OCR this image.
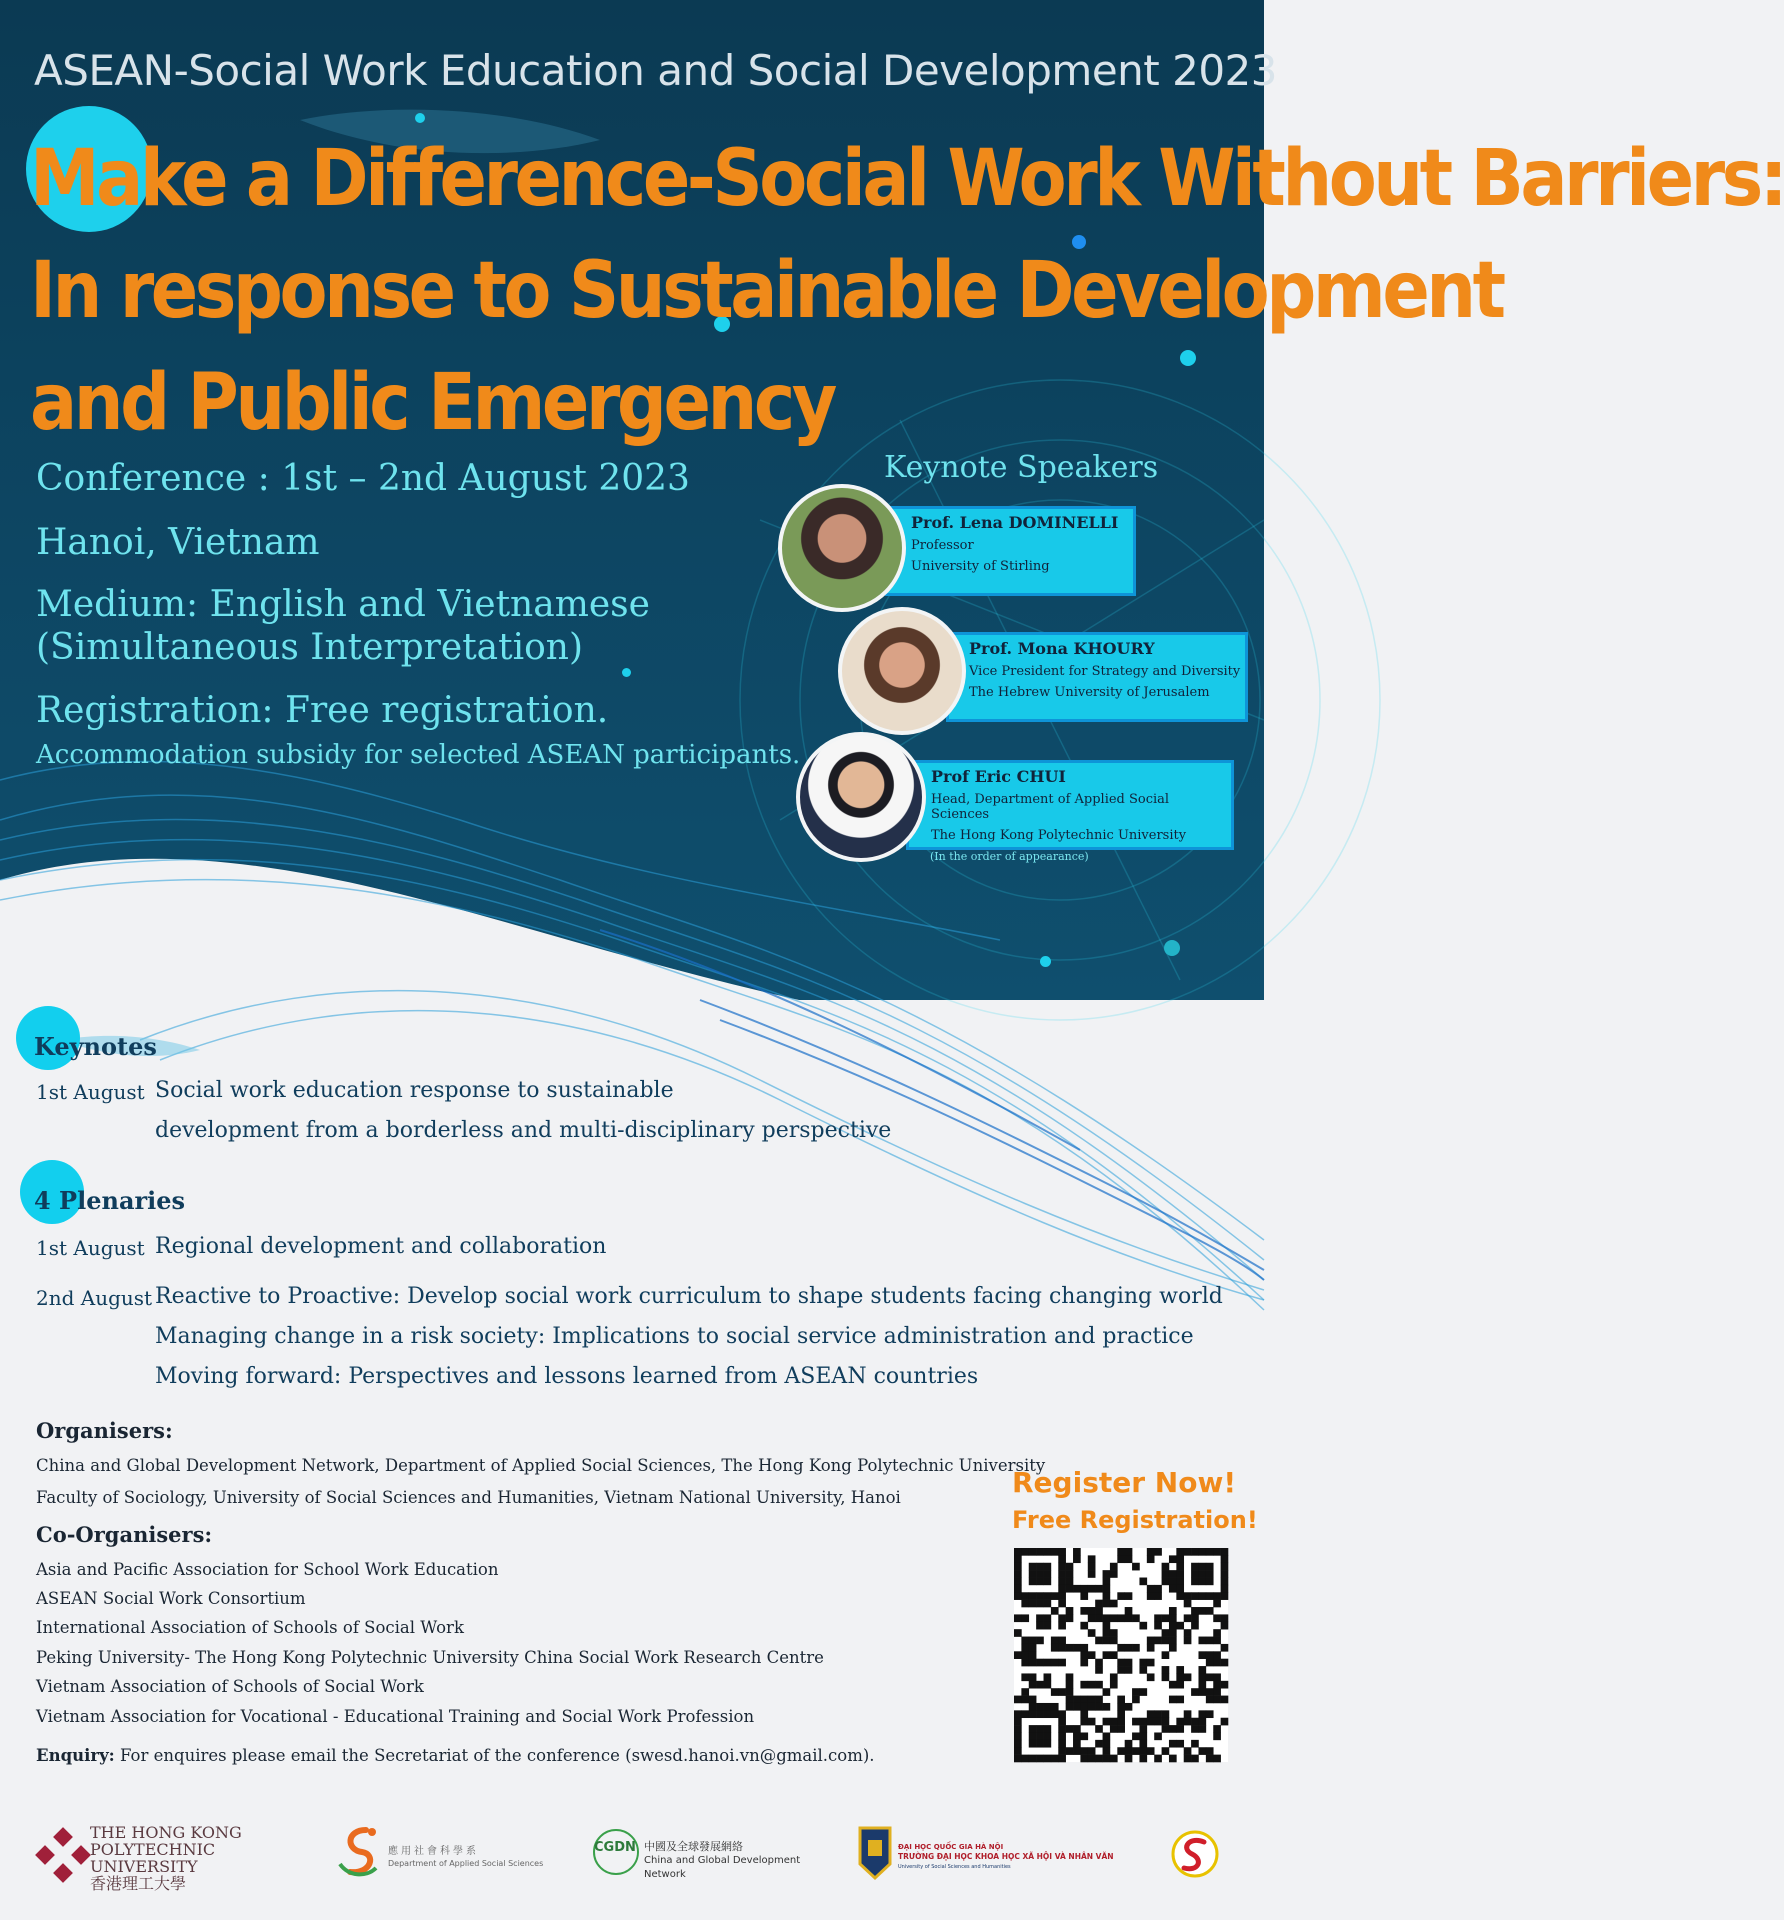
ASEAN-Social Work Education and Social Development 2023
Make a Difference-Social Work Without Barriers:
In response to Sustainable Development
and Public Emergency
Conference : 1st – 2nd August 2023
Hanoi, Vietnam
Medium: English and Vietnamese
(Simultaneous Interpretation)
Registration: Free registration.
Accommodation subsidy for selected ASEAN participants.
Keynote Speakers
Prof. Lena DOMINELLI
Professor
University of Stirling
Prof. Mona KHOURY
Vice President for Strategy and Diversity
The Hebrew University of Jerusalem
Prof Eric CHUI
Head, Department of Applied Social Sciences
The Hong Kong Polytechnic University
(In the order of appearance)
Keynotes
1st August Social work education response to sustainable
development from a borderless and multi-disciplinary perspective
4 Plenaries
1st August Regional development and collaboration
2nd August Reactive to Proactive: Develop social work curriculum to shape students facing changing world
Managing change in a risk society: Implications to social service administration and practice
Moving forward: Perspectives and lessons learned from ASEAN countries
Organisers:
China and Global Development Network, Department of Applied Social Sciences, The Hong Kong Polytechnic University
Faculty of Sociology, University of Social Sciences and Humanities, Vietnam National University, Hanoi
Co-Organisers:
Asia and Pacific Association for School Work Education
ASEAN Social Work Consortium
International Association of Schools of Social Work
Peking University- The Hong Kong Polytechnic University China Social Work Research Centre
Vietnam Association of Schools of Social Work
Vietnam Association for Vocational - Educational Training and Social Work Profession
Enquiry: For enquires please email the Secretariat of the conference (swesd.hanoi.vn@gmail.com).
Register Now!
Free Registration!
THE HONG KONG
POLYTECHNIC UNIVERSITY
香港理工大學
應用社會科學系
Department of Applied Social Sciences
CGDN 中國及全球發展網絡
China and Global Development Network
ĐẠI HỌC QUỐC GIA HÀ NỘI
TRƯỜNG ĐẠI HỌC KHOA HỌC XÃ HỘI VÀ NHÂN VĂN
University of Social Sciences and Humanities
